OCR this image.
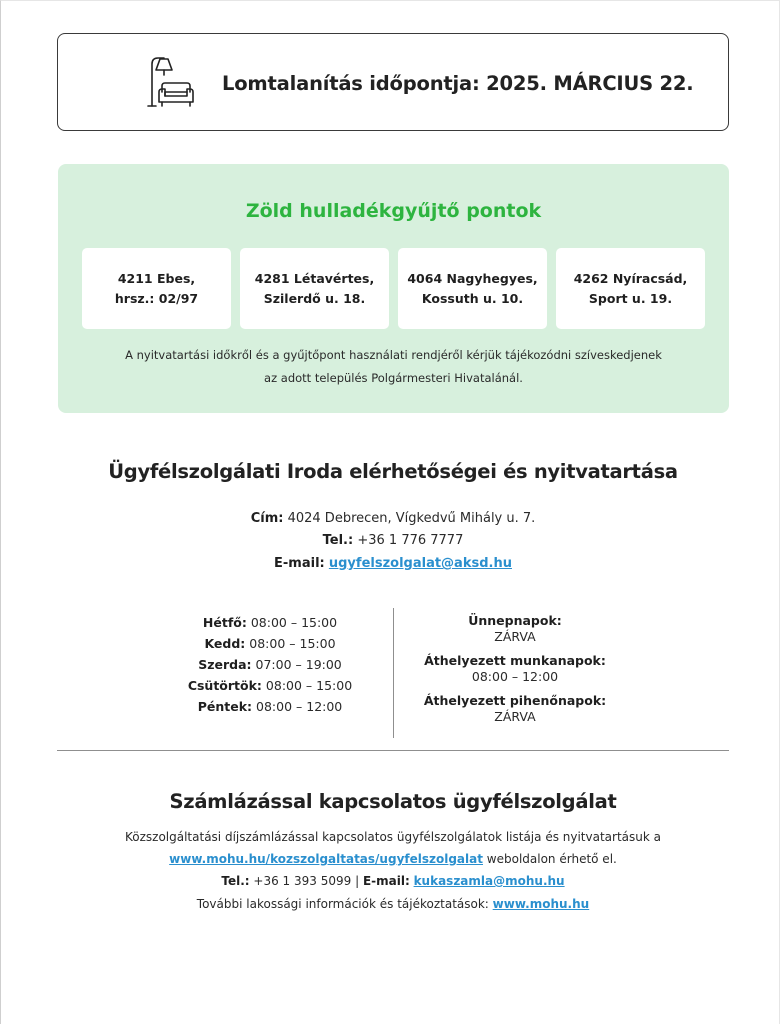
Lomtalanítás időpontja: 2025. MÁRCIUS 22.
Zöld hulladékgyűjtő pontok
4211 Ebes,
hrsz.: 02/97
4281 Létavértes,
Szilerdő u. 18.
4064 Nagyhegyes,
Kossuth u. 10.
4262 Nyíracsád,
Sport u. 19.
A nyitvatartási időkről és a gyűjtőpont használati rendjéről kérjük tájékozódni szíveskedjenek
az adott település Polgármesteri Hivatalánál.
Ügyfélszolgálati Iroda elérhetőségei és nyitvatartása
Cím: 4024 Debrecen, Vígkedvű Mihály u. 7.
Tel.: +36 1 776 7777
E-mail: ugyfelszolgalat@aksd.hu
Hétfő: 08:00 – 15:00
Kedd: 08:00 – 15:00
Szerda: 07:00 – 19:00
Csütörtök: 08:00 – 15:00
Péntek: 08:00 – 12:00
Ünnepnapok:
ZÁRVA
Áthelyezett munkanapok:
08:00 – 12:00
Áthelyezett pihenőnapok:
ZÁRVA
Számlázással kapcsolatos ügyfélszolgálat
Közszolgáltatási díjszámlázással kapcsolatos ügyfélszolgálatok listája és nyitvatartásuk a
www.mohu.hu/kozszolgaltatas/ugyfelszolgalat weboldalon érhető el.
Tel.: +36 1 393 5099 | E-mail: kukaszamla@mohu.hu
További lakossági információk és tájékoztatások: www.mohu.hu
